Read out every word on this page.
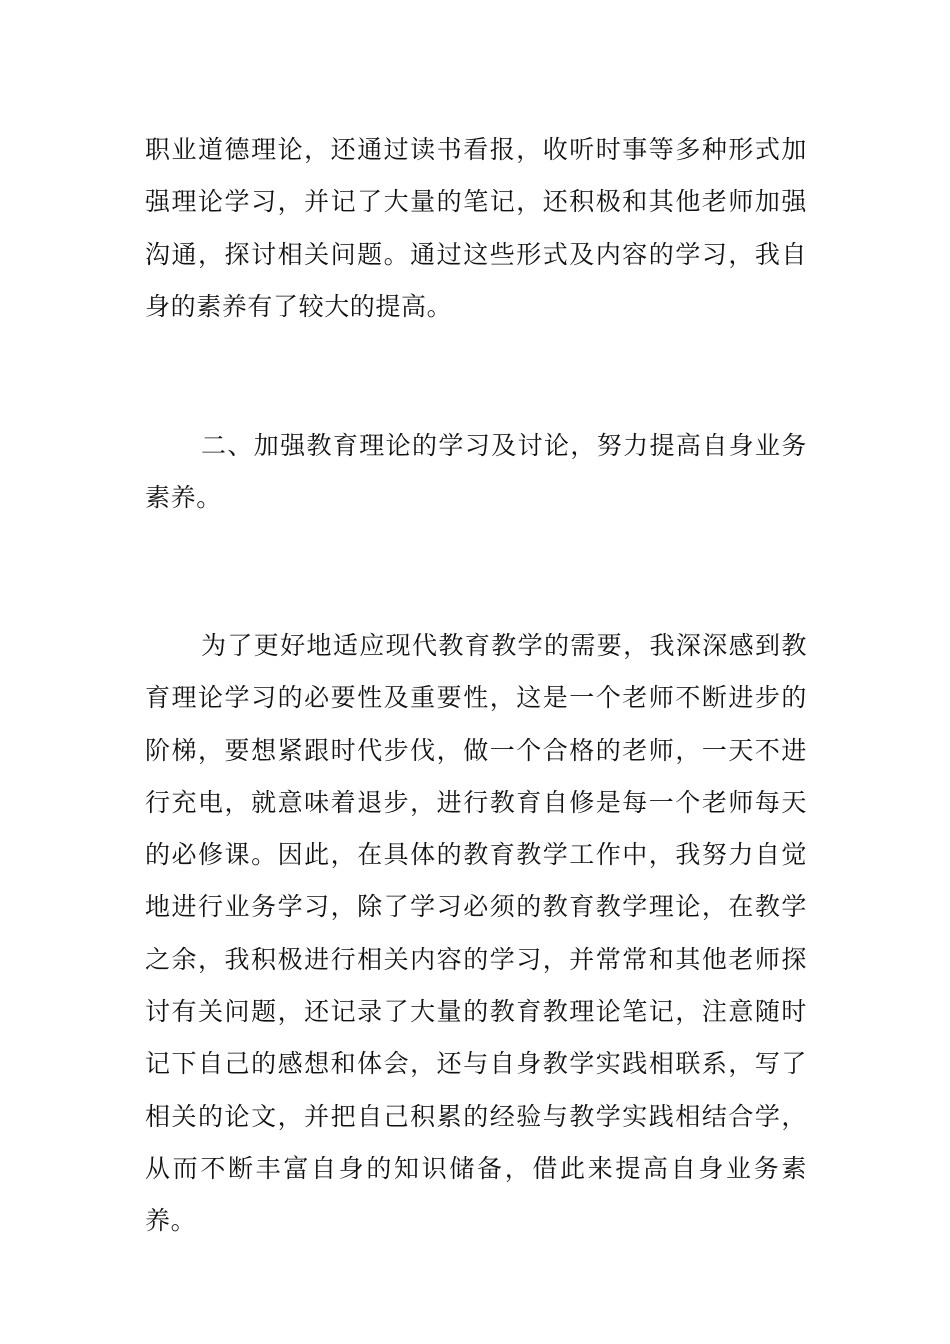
职业道德理论，还通过读书看报，收听时事等多种形式加强理论学习，并记了大量的笔记，还积极和其他老师加强沟通，探讨相关问题。通过这些形式及内容的学习，我自身的素养有了较大的提高。

二、加强教育理论的学习及讨论，努力提高自身业务素养。

为了更好地适应现代教育教学的需要，我深深感到教育理论学习的必要性及重要性，这是一个老师不断进步的阶梯，要想紧跟时代步伐，做一个合格的老师，一天不进行充电，就意味着退步，进行教育自修是每一个老师每天的必修课。因此，在具体的教育教学工作中，我努力自觉地进行业务学习，除了学习必须的教育教学理论，在教学之余，我积极进行相关内容的学习，并常常和其他老师探讨有关问题，还记录了大量的教育教理论笔记，注意随时记下自己的感想和体会，还与自身教学实践相联系，写了相关的论文，并把自己积累的经验与教学实践相结合学，从而不断丰富自身的知识储备，借此来提高自身业务素养。
